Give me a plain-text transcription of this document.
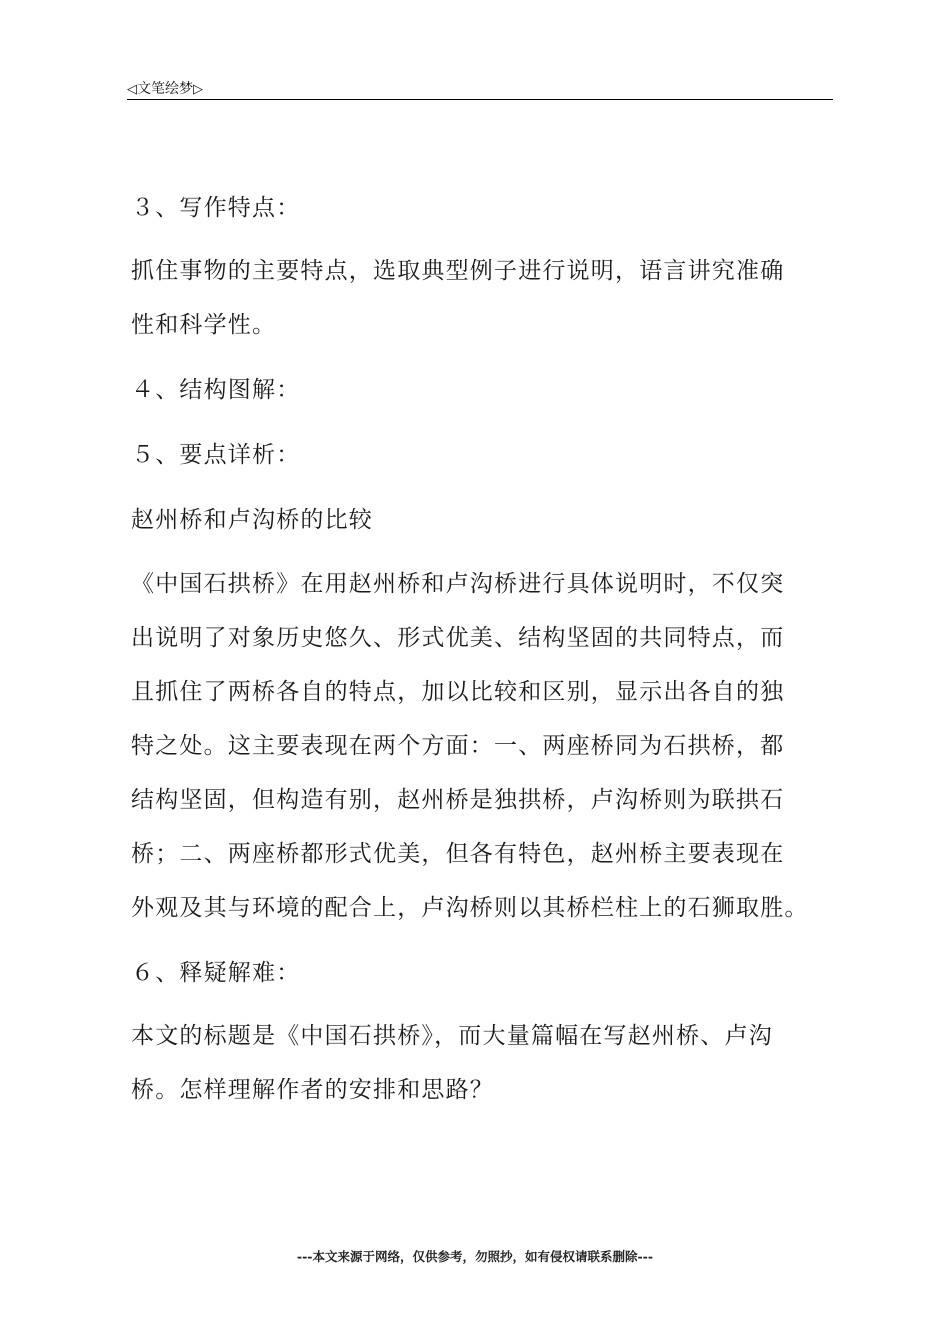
◁文笔绘梦▷
３、写作特点：
抓住事物的主要特点，选取典型例子进行说明，语言讲究准确
性和科学性。
４、结构图解：
５、要点详析：
赵州桥和卢沟桥的比较
《中国石拱桥》在用赵州桥和卢沟桥进行具体说明时，不仅突
出说明了对象历史悠久、形式优美、结构坚固的共同特点，而
且抓住了两桥各自的特点，加以比较和区别，显示出各自的独
特之处。这主要表现在两个方面：一、两座桥同为石拱桥，都
结构坚固，但构造有别，赵州桥是独拱桥，卢沟桥则为联拱石
桥；二、两座桥都形式优美，但各有特色，赵州桥主要表现在
外观及其与环境的配合上，卢沟桥则以其桥栏柱上的石狮取胜。
６、释疑解难：
本文的标题是《中国石拱桥》，而大量篇幅在写赵州桥、卢沟
桥。怎样理解作者的安排和思路？
---本文来源于网络，仅供参考，勿照抄，如有侵权请联系删除---
